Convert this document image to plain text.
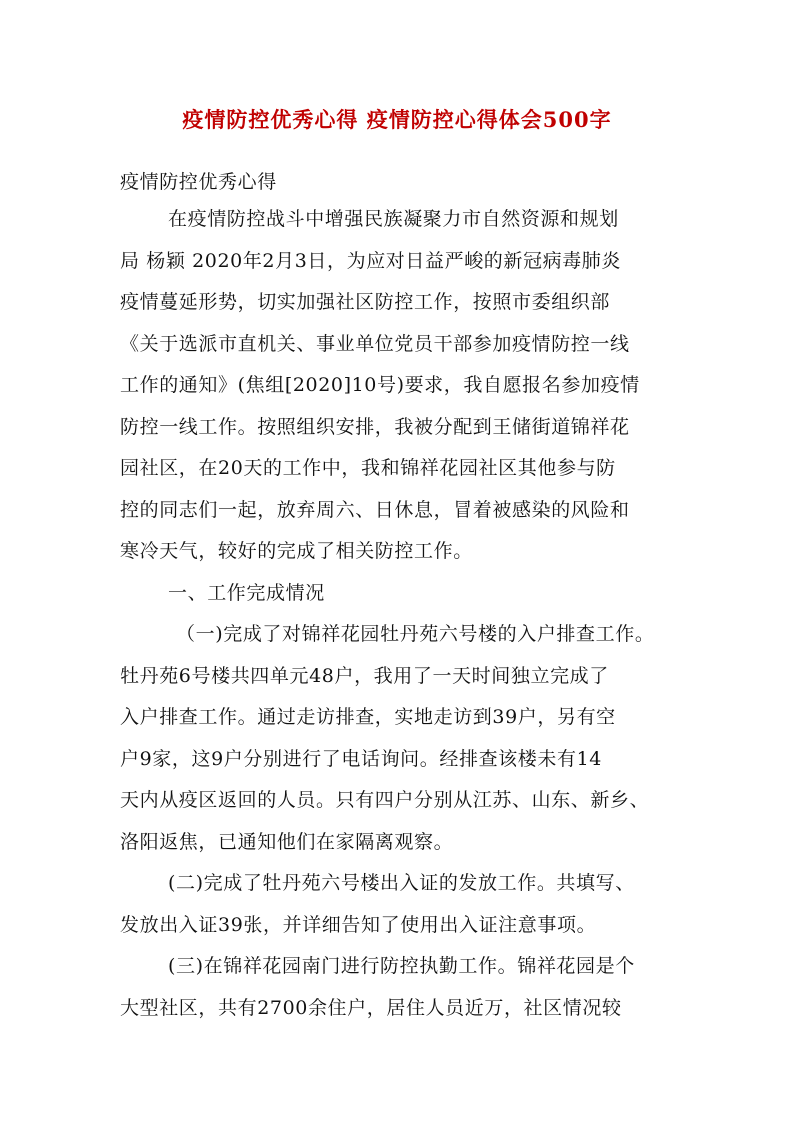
疫情防控优秀心得 疫情防控心得体会500字
疫情防控优秀心得
在疫情防控战斗中增强民族凝聚力市自然资源和规划
局 杨颖 2020年2月3日，为应对日益严峻的新冠病毒肺炎
疫情蔓延形势，切实加强社区防控工作，按照市委组织部
《关于选派市直机关、事业单位党员干部参加疫情防控一线
工作的通知》(焦组[2020]10号)要求，我自愿报名参加疫情
防控一线工作。按照组织安排，我被分配到王储街道锦祥花
园社区，在20天的工作中，我和锦祥花园社区其他参与防
控的同志们一起，放弃周六、日休息，冒着被感染的风险和
寒冷天气，较好的完成了相关防控工作。
一、工作完成情况
（一)完成了对锦祥花园牡丹苑六号楼的入户排查工作。
牡丹苑6号楼共四单元48户，我用了一天时间独立完成了
入户排查工作。通过走访排查，实地走访到39户，另有空
户9家，这9户分别进行了电话询问。经排查该楼未有14
天内从疫区返回的人员。只有四户分别从江苏、山东、新乡、
洛阳返焦，已通知他们在家隔离观察。
(二)完成了牡丹苑六号楼出入证的发放工作。共填写、
发放出入证39张，并详细告知了使用出入证注意事项。
(三)在锦祥花园南门进行防控执勤工作。锦祥花园是个
大型社区，共有2700余住户，居住人员近万，社区情况较
